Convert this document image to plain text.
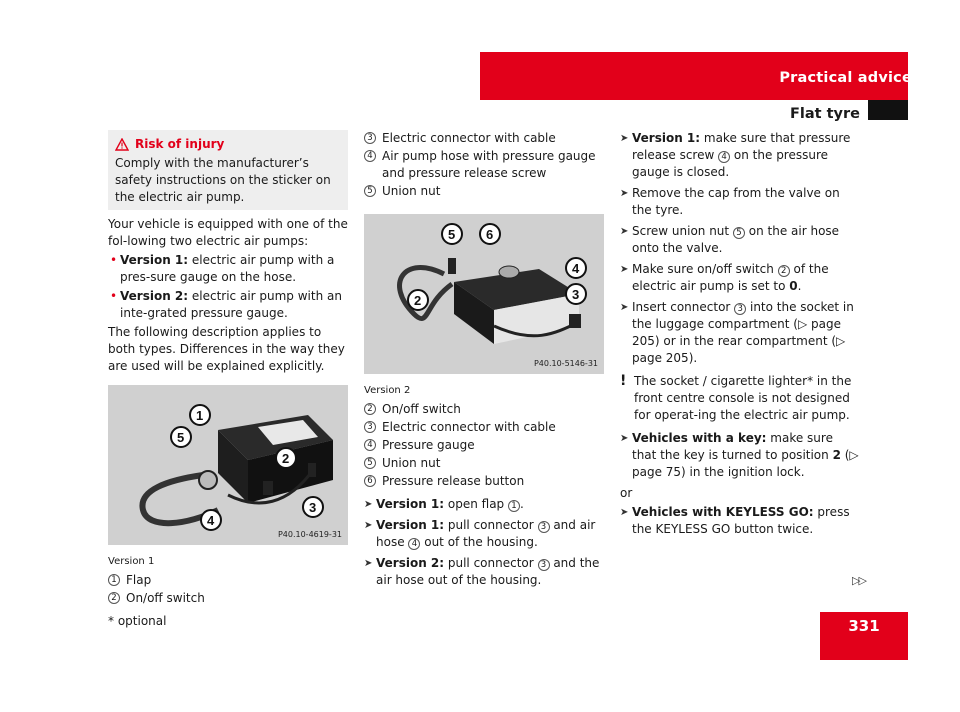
Practical advice
Flat tyre
Risk of injury
Comply with the manufacturer’s safety instructions on the sticker on the electric air pump.
Your vehicle is equipped with one of the fol-lowing two electric air pumps:
• Version 1: electric air pump with a pres-sure gauge on the hose.
• Version 2: electric air pump with an inte-grated pressure gauge.
The following description applies to both types. Differences in the way they are used will be explained explicitly.
1
5
2
3
4
P40.10-4619-31
Version 1
1 Flap
2 On/off switch
3 Electric connector with cable
4 Air pump hose with pressure gauge and pressure release screw
5 Union nut
5 6
4
3
2
P40.10-5146-31
Version 2
2 On/off switch
3 Electric connector with cable
4 Pressure gauge
5 Union nut
6 Pressure release button
➤ Version 1: open flap 1 .
➤ Version 1: pull connector 3 and air hose 4 out of the housing.
➤ Version 2: pull connector 3 and the air hose out of the housing.
➤ Version 1: make sure that pressure release screw 4 on the pressure gauge is closed.
➤ Remove the cap from the valve on the tyre.
➤ Screw union nut 5 on the air hose onto the valve.
➤ Make sure on/off switch 2 of the electric air pump is set to 0.
➤ Insert connector 3 into the socket in the luggage compartment (▷ page 205) or in the rear compartment (▷ page 205).
! The socket / cigarette lighter* in the front centre console is not designed for operat-ing the electric air pump.
➤ Vehicles with a key: make sure that the key is turned to position 2 (▷ page 75) in the ignition lock.
or
➤ Vehicles with KEYLESS GO: press the KEYLESS GO button twice.
▷▷
* optional	331
